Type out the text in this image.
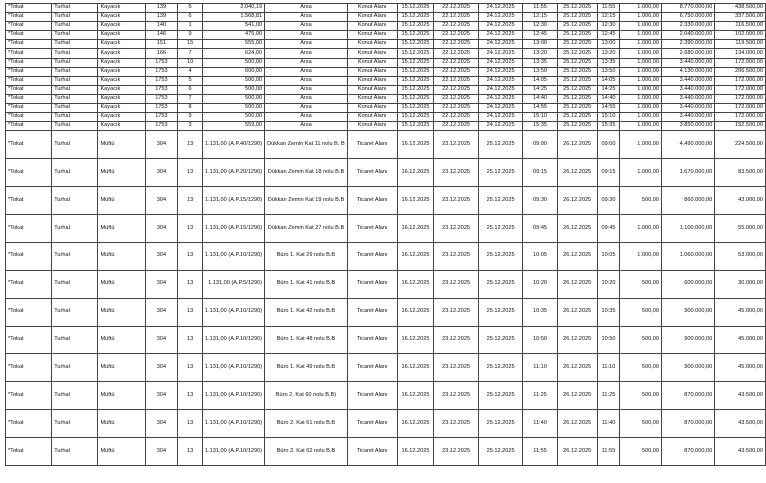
*Tokat	Turhal	Kayacık	139	5	2.040,19	Arsa	Konut Alanı	15.12.2025	22.12.2025	24.12.2025	11:55	25.12.2025	11:55	1.000,00	8.770.000,00	438.500,00
*Tokat	Turhal	Kayacık	139	6	1.568,81	Arsa	Konut Alanı	15.12.2025	22.12.2025	24.12.2025	12:15	25.12.2025	12:15	1.000,00	6.750.000,00	337.500,00
*Tokat	Turhal	Kayacık	140	1	541,00	Arsa	Konut Alanı	15.12.2025	22.12.2025	24.12.2025	12:30	25.12.2025	12:30	1.000,00	2.330.000,00	116.500,00
*Tokat	Turhal	Kayacık	146	9	475,00	Arsa	Konut Alanı	15.12.2025	22.12.2025	24.12.2025	12:45	25.12.2025	12:45	1.000,00	2.040.000,00	102.000,00
*Tokat	Turhal	Kayacık	151	15	555,00	Arsa	Konut Alanı	15.12.2025	22.12.2025	24.12.2025	13:00	25.12.2025	13:00	1.000,00	2.390.000,00	119.500,00
*Tokat	Turhal	Kayacık	166	7	624,00	Arsa	Konut Alanı	15.12.2025	22.12.2025	24.12.2025	13:20	25.12.2025	13:20	1.000,00	2.680.000,00	134.000,00
*Tokat	Turhal	Kayacık	1753	10	500,00	Arsa	Konut Alanı	15.12.2025	22.12.2025	24.12.2025	13:35	25.12.2025	13:35	1.000,00	3.440.000,00	172.000,00
*Tokat	Turhal	Kayacık	1753	4	600,00	Arsa	Konut Alanı	15.12.2025	22.12.2025	24.12.2025	13:50	25.12.2025	13:50	1.000,00	4.130.000,00	206.500,00
*Tokat	Turhal	Kayacık	1753	5	500,00	Arsa	Konut Alanı	15.12.2025	22.12.2025	24.12.2025	14:05	25.12.2025	14:05	1.000,00	3.440.000,00	172.000,00
*Tokat	Turhal	Kayacık	1753	6	500,00	Arsa	Konut Alanı	15.12.2025	22.12.2025	24.12.2025	14:25	25.12.2025	14:25	1.000,00	3.440.000,00	172.000,00
*Tokat	Turhal	Kayacık	1753	7	500,00	Arsa	Konut Alanı	15.12.2025	22.12.2025	24.12.2025	14:40	25.12.2025	14:40	1.000,00	3.440.000,00	172.000,00
*Tokat	Turhal	Kayacık	1753	8	500,00	Arsa	Konut Alanı	15.12.2025	22.12.2025	24.12.2025	14:55	25.12.2025	14:55	1.000,00	3.440.000,00	172.000,00
*Tokat	Turhal	Kayacık	1753	9	500,00	Arsa	Konut Alanı	15.12.2025	22.12.2025	24.12.2025	15:10	25.12.2025	15:10	1.000,00	3.440.000,00	172.000,00
*Tokat	Turhal	Kayacık	1753	3	559,00	Arsa	Konut Alanı	15.12.2025	22.12.2025	24.12.2025	15:35	25.12.2025	15:35	1.000,00	3.850.000,00	192.500,00
*Tokat	Turhal	Müftü	304	13	1.131,00 (A.P.40/1290)	Dükkan Zemin Kat 11 nolu B. B	Ticaret Alanı	16.12.2025	23.12.2025	25.12.2025	09:00	26.12.2025	09:00	1.000,00	4.490.000,00	224.500,00
*Tokat	Turhal	Müftü	304	13	1.131,00 (A.P.20/1290)	Dükkan Zemin Kat 18 nolu B.B	Ticaret Alanı	16.12.2025	23.12.2025	25.12.2025	09:15	26.12.2025	09:15	1.000,00	1.670.000,00	83.500,00
*Tokat	Turhal	Müftü	304	13	1.131,00 (A.P.15/1290)	Dükkan Zemin Kat 19 nolu B.B	Ticaret Alanı	16.12.2025	23.12.2025	25.12.2025	09:30	26.12.2025	09:30	500,00	860.000,00	43.000,00
*Tokat	Turhal	Müftü	304	13	1.131,00 (A.P.15/1290)	Dükkan Zemin Kat 27 nolu B.B	Ticaret Alanı	16.12.2025	23.12.2025	25.12.2025	09:45	26.12.2025	09:45	1.000,00	1.100.000,00	55.000,00
*Tokat	Turhal	Müftü	304	13	1.131,00 (A.P.10/1290)	Büro 1. Kat 29 nolu B.B	Ticaret Alanı	16.12.2025	23.12.2025	25.12.2025	10:05	26.12.2025	10:05	1.000,00	1.060.000,00	53.000,00
*Tokat	Turhal	Müftü	304	13	1.131,00 (A.P.5/1290)	Büro 1. Kat 41 nolu B.B	Ticaret Alanı	16.12.2025	23.12.2025	25.12.2025	10:20	26.12.2025	10:20	500,00	600.000,00	30.000,00
*Tokat	Turhal	Müftü	304	13	1.131,00 (A.P.10/1290)	Büro 1. Kat 42 nolu B.B	Ticaret Alanı	16.12.2025	23.12.2025	25.12.2025	10:35	26.12.2025	10:35	500,00	900.000,00	45.000,00
*Tokat	Turhal	Müftü	304	13	1.131,00 (A.P.10/1290)	Büro 1. Kat 48 nolu B.B	Ticaret Alanı	16.12.2025	23.12.2025	25.12.2025	10:50	26.12.2025	10:50	500,00	900.000,00	45.000,00
*Tokat	Turhal	Müftü	304	13	1.131,00 (A.P.10/1290)	Büro 1. Kat 49 nolu B.B	Ticaret Alanı	16.12.2025	23.12.2025	25.12.2025	11:10	26.12.2025	11:10	500,00	900.000,00	45.000,00
*Tokat	Turhal	Müftü	304	13	1.131,00 (A.P.10/1290)	Büro 2. Kat 60 nolu B.B)	Ticaret Alanı	16.12.2025	23.12.2025	25.12.2025	11:25	26.12.2025	11:25	500,00	870.000,00	43.500,00
*Tokat	Turhal	Müftü	304	13	1.131,00 (A.P.10/1290)	Büro 2. Kat 61 nolu B.B	Ticaret Alanı	16.12.2025	23.12.2025	25.12.2025	11:40	26.12.2025	11:40	500,00	870.000,00	43.500,00
*Tokat	Turhal	Müftü	304	13	1.131,00 (A.P.10/1290)	Büro 2. Kat 62 nolu B.B	Ticaret Alanı	16.12.2025	23.12.2025	25.12.2025	11:55	26.12.2025	11:55	500,00	870.000,00	43.500,00
